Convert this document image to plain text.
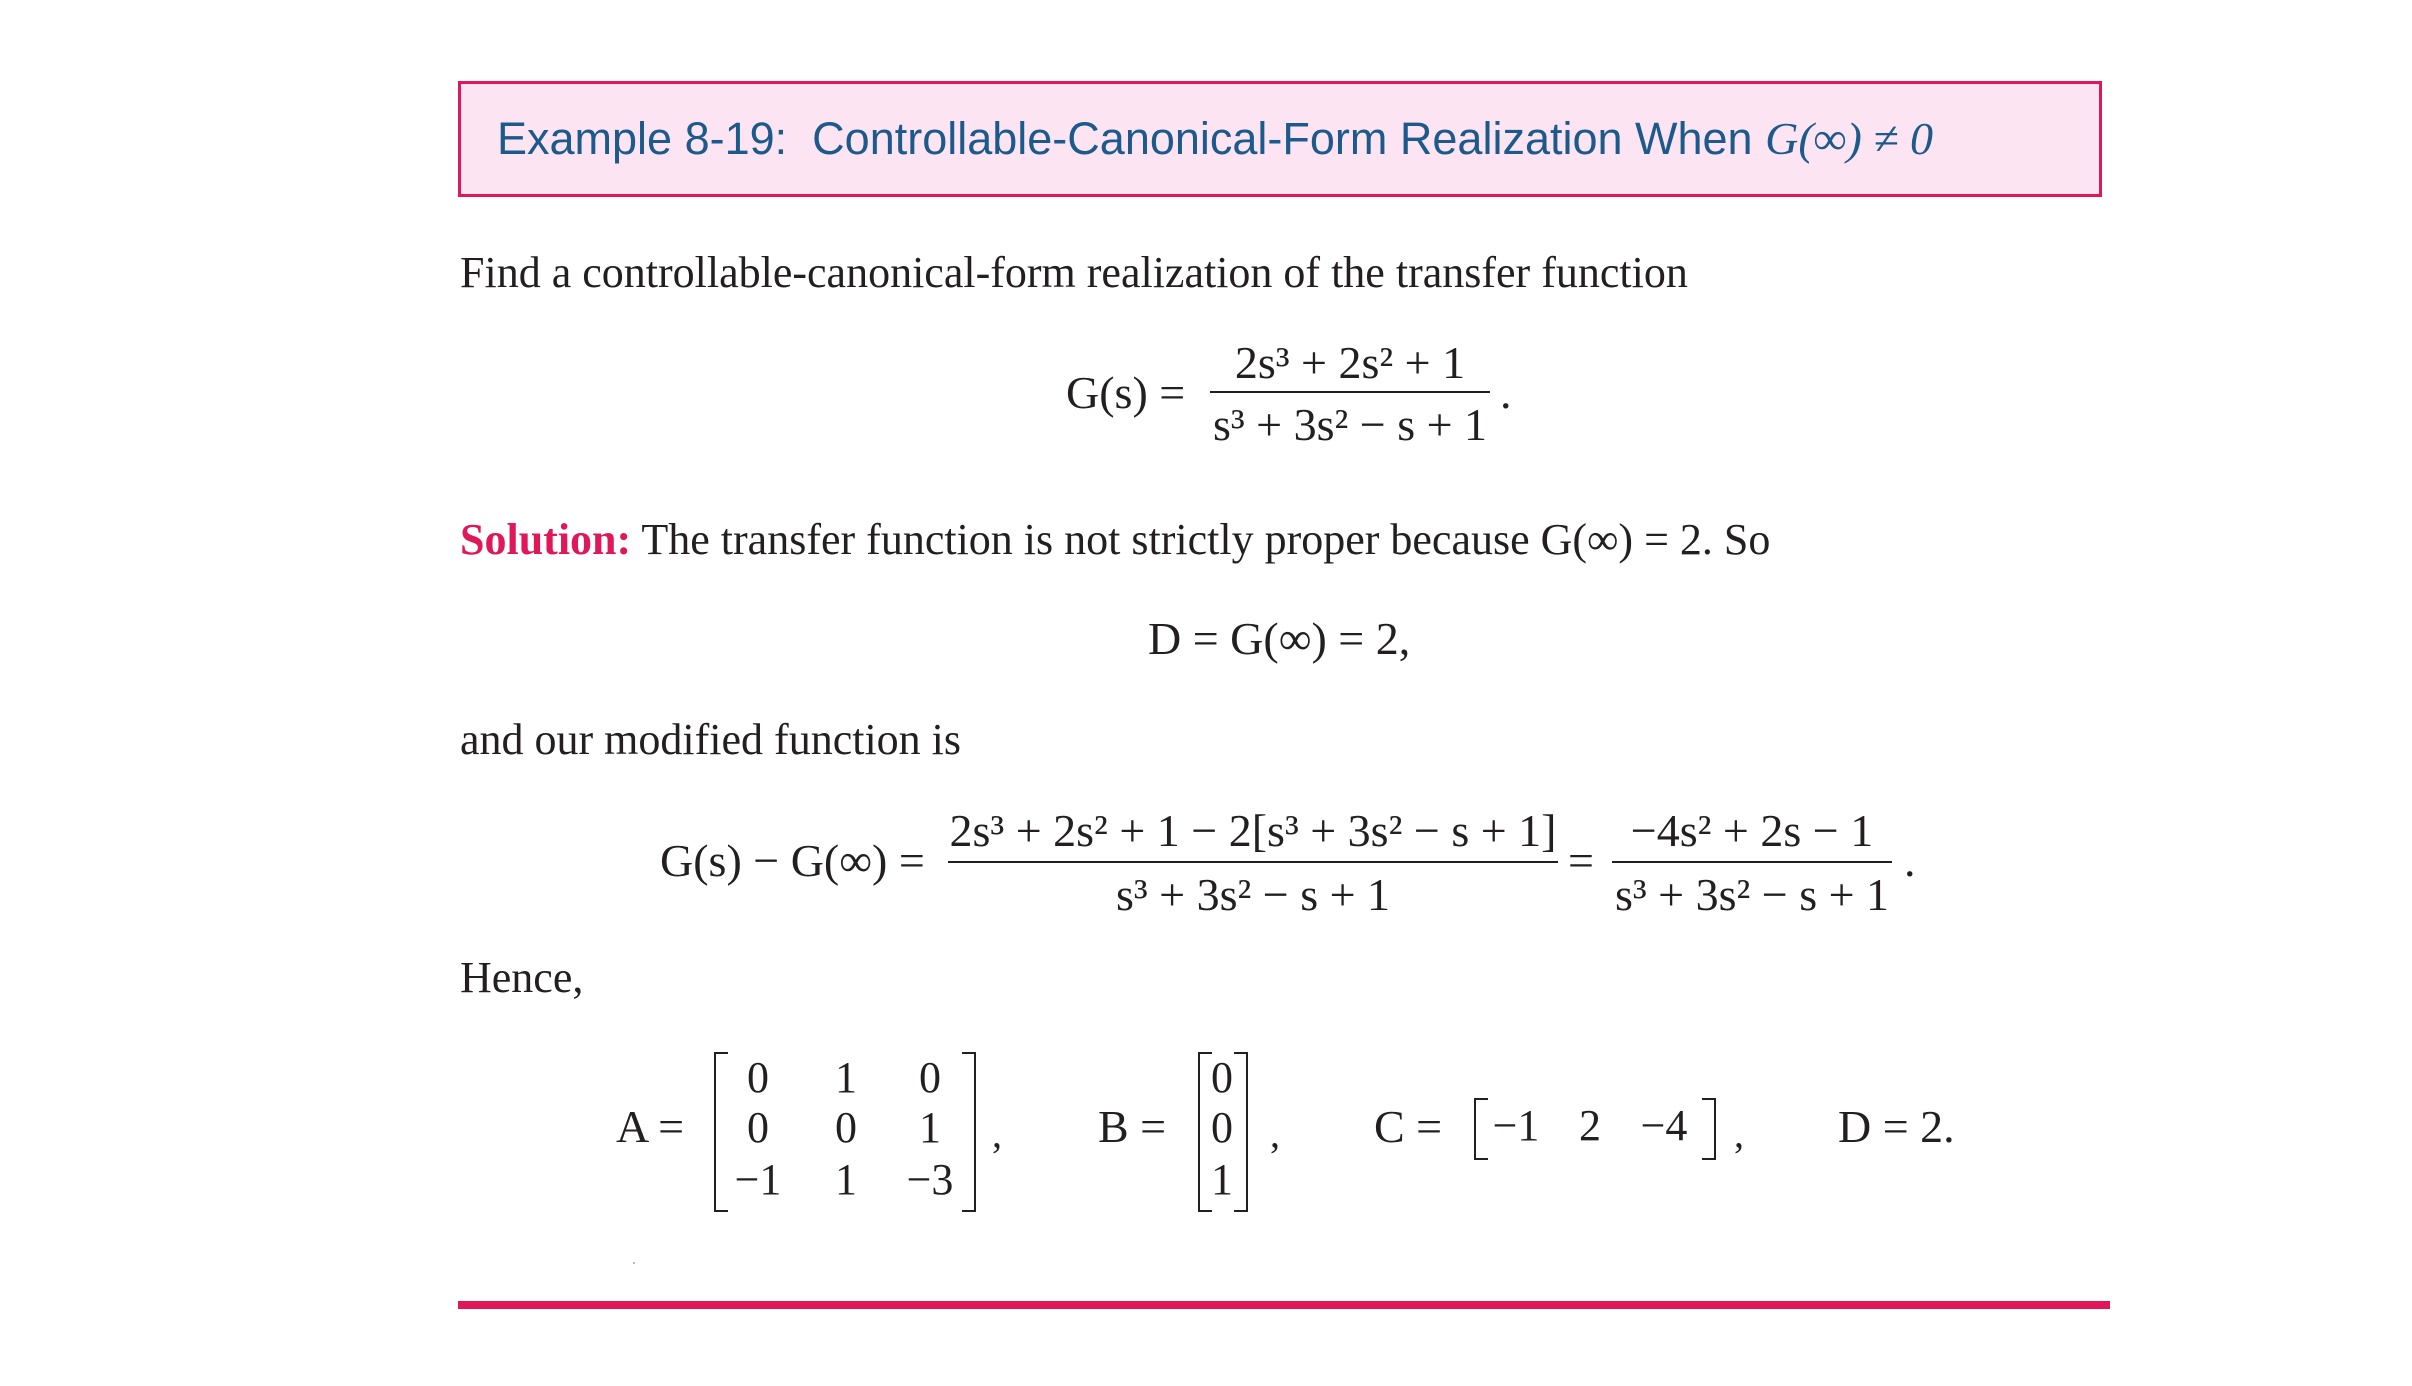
Example 8-19: Controllable-Canonical-Form Realization When G(∞) ≠ 0
Find a controllable-canonical-form realization of the transfer function
G(s) =
2s³ + 2s² + 1
s³ + 3s² − s + 1
.
Solution: The transfer function is not strictly proper because G(∞) = 2. So
D = G(∞) = 2,
and our modified function is
G(s) − G(∞) =
2s³ + 2s² + 1 − 2[s³ + 3s² − s + 1]
s³ + 3s² − s + 1
=
−4s² + 2s − 1
s³ + 3s² − s + 1
.
Hence,
A =
0	1	0
0	0	1
−1	1	−3
, B =
0
0
1
, C =	−1 2 −4	, D = 2.
